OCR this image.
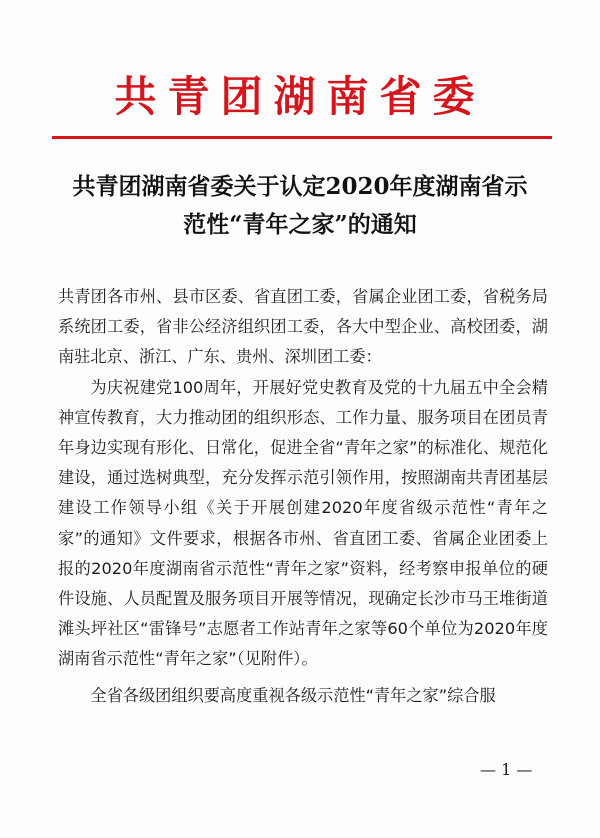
共青团湖南省委
共青团湖南省委关于认定2020年度湖南省示
范性“青年之家”的通知

共青团各市州、县市区委、省直团工委，省属企业团工委，省税务局系统团工委，省非公经济组织团工委，各大中型企业、高校团委，湖南驻北京、浙江、广东、贵州、深圳团工委：

为庆祝建党100周年，开展好党史教育及党的十九届五中全会精神宣传教育，大力推动团的组织形态、工作力量、服务项目在团员青年身边实现有形化、日常化，促进全省“青年之家”的标准化、规范化建设，通过选树典型，充分发挥示范引领作用，按照湖南共青团基层建设工作领导小组《关于开展创建2020年度省级示范性“青年之家”的通知》文件要求，根据各市州、省直团工委、省属企业团委上报的2020年度湖南省示范性“青年之家”资料，经考察申报单位的硬件设施、人员配置及服务项目开展等情况，现确定长沙市马王堆街道滩头坪社区“雷锋号”志愿者工作站青年之家等60个单位为2020年度湖南省示范性“青年之家”（见附件）。

全省各级团组织要高度重视各级示范性“青年之家”综合服

— 1 —
